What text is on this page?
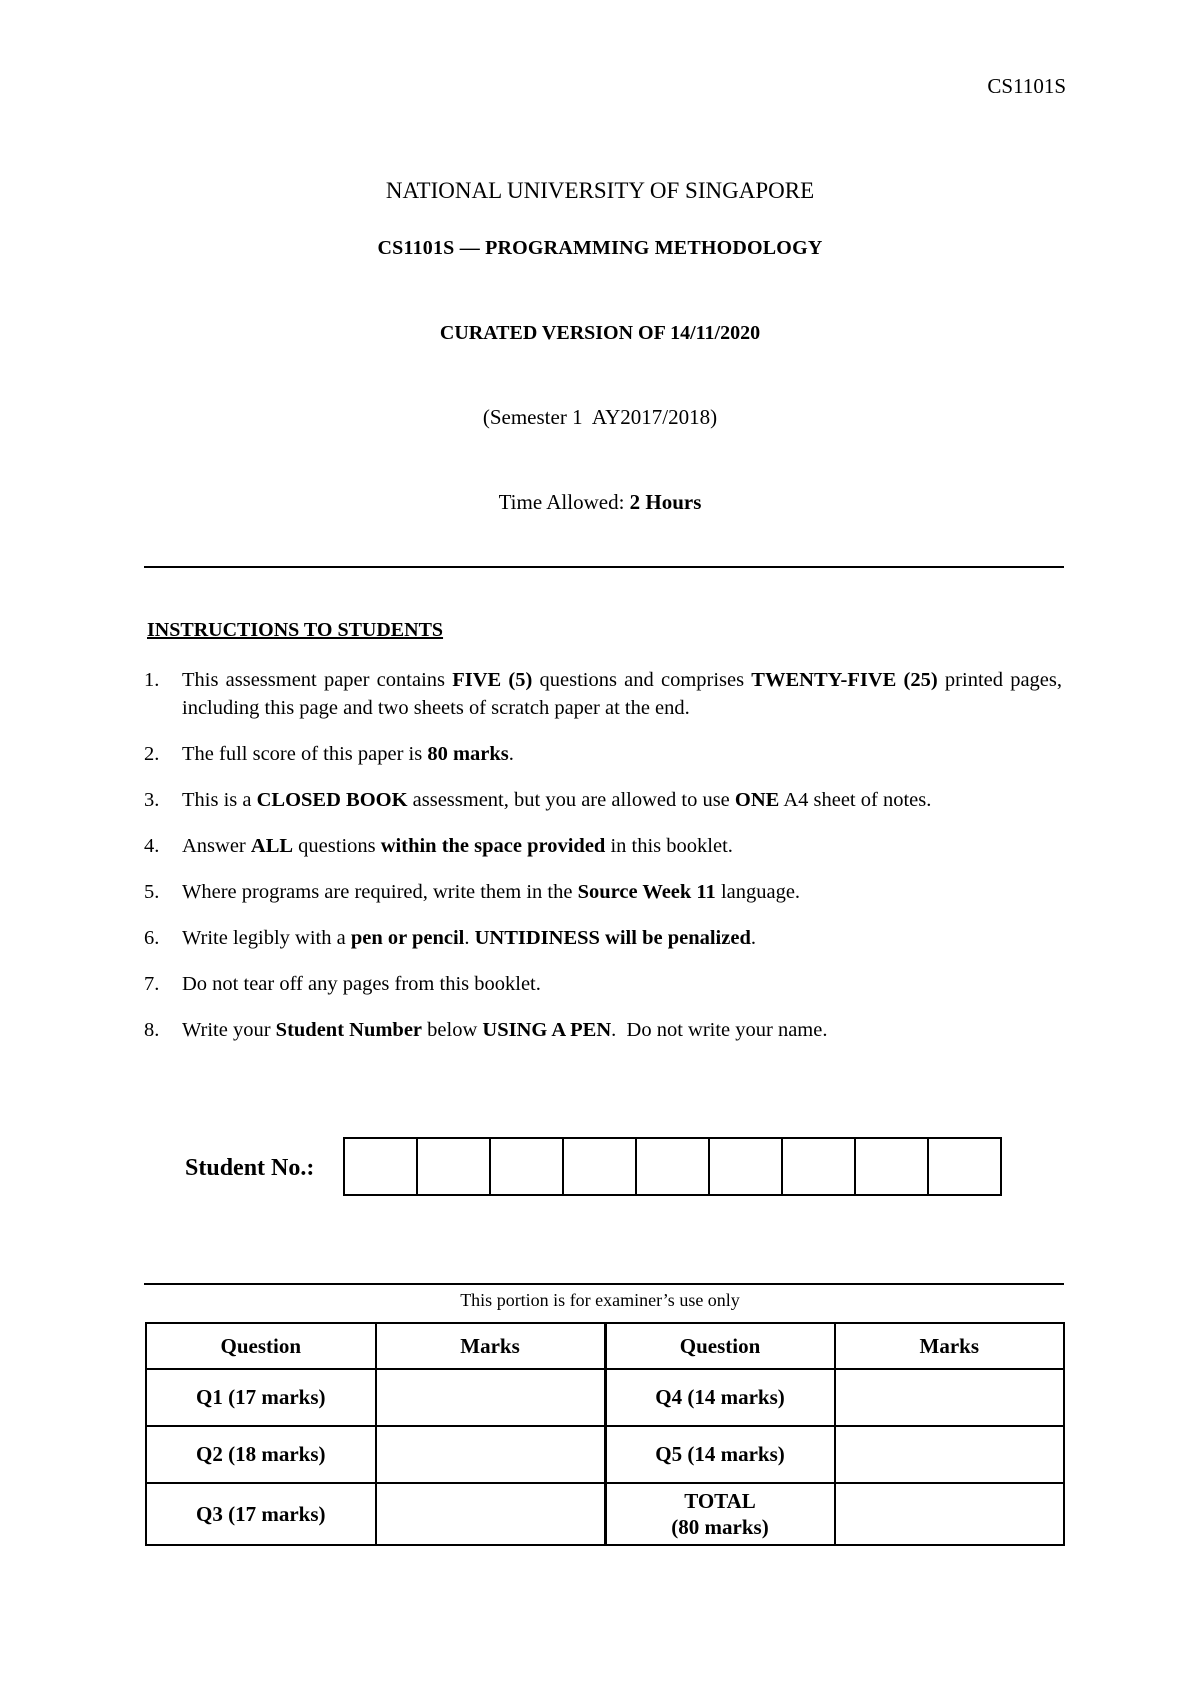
CS1101S
NATIONAL UNIVERSITY OF SINGAPORE
CS1101S — PROGRAMMING METHODOLOGY
CURATED VERSION OF 14/11/2020
(Semester 1  AY2017/2018)
Time Allowed: 2 Hours
INSTRUCTIONS TO STUDENTS
1. This assessment paper contains FIVE (5) questions and comprises TWENTY-FIVE (25) printed pages, including this page and two sheets of scratch paper at the end.
2. The full score of this paper is 80 marks.
3. This is a CLOSED BOOK assessment, but you are allowed to use ONE A4 sheet of notes.
4. Answer ALL questions within the space provided in this booklet.
5. Where programs are required, write them in the Source Week 11 language.
6. Write legibly with a pen or pencil. UNTIDINESS will be penalized.
7. Do not tear off any pages from this booklet.
8. Write your Student Number below USING A PEN.  Do not write your name.
Student No.:
This portion is for examiner’s use only
Question	Marks	Question	Marks
Q1 (17 marks)		Q4 (14 marks)	
Q2 (18 marks)		Q5 (14 marks)	
Q3 (17 marks)		TOTAL
(80 marks)	
